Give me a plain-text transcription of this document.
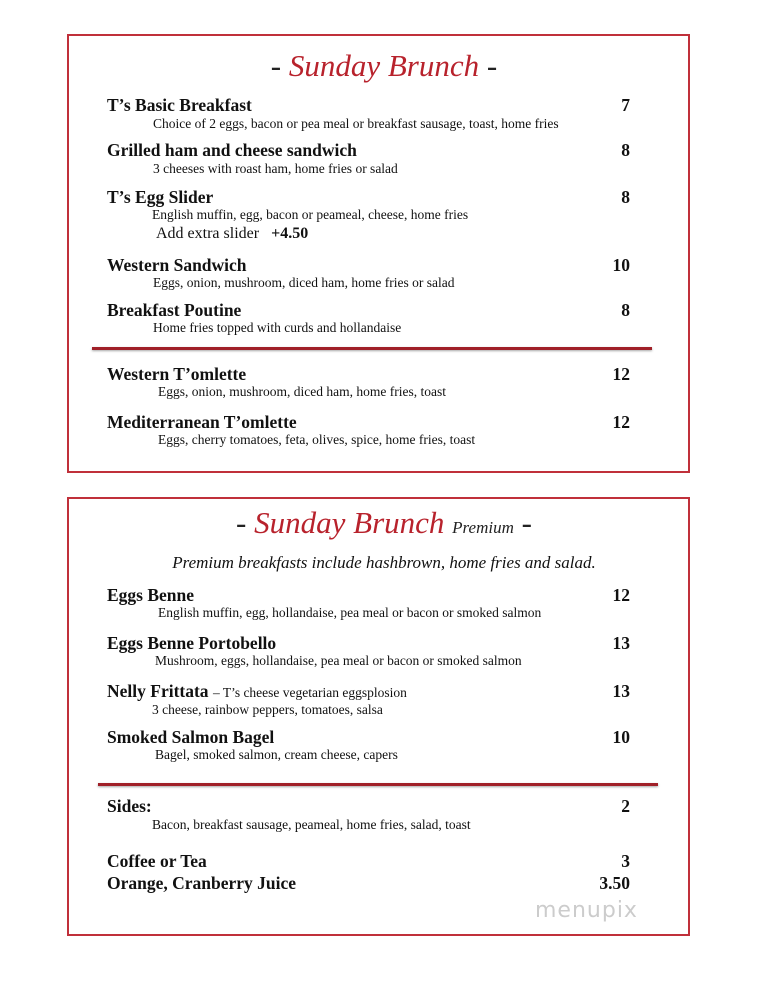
- Sunday Brunch -
T’s Basic Breakfast	7
Choice of 2 eggs, bacon or pea meal or breakfast sausage, toast, home fries
Grilled ham and cheese sandwich	8
3 cheeses with roast ham, home fries or salad
T’s Egg Slider	8
English muffin, egg, bacon or peameal, cheese, home fries
Add extra slider +4.50
Western Sandwich	10
Eggs, onion, mushroom, diced ham, home fries or salad
Breakfast Poutine	8
Home fries topped with curds and hollandaise
Western T’omlette	12
Eggs, onion, mushroom, diced ham, home fries, toast
Mediterranean T’omlette	12
Eggs, cherry tomatoes, feta, olives, spice, home fries, toast
- Sunday Brunch Premium -
Premium breakfasts include hashbrown, home fries and salad.
Eggs Benne	12
English muffin, egg, hollandaise, pea meal or bacon or smoked salmon
Eggs Benne Portobello	13
Mushroom, eggs, hollandaise, pea meal or bacon or smoked salmon
Nelly Frittata – T’s cheese vegetarian eggsplosion	13
3 cheese, rainbow peppers, tomatoes, salsa
Smoked Salmon Bagel	10
Bagel, smoked salmon, cream cheese, capers
Sides:	2
Bacon, breakfast sausage, peameal, home fries, salad, toast
Coffee or Tea	3
Orange, Cranberry Juice	3.50
menupix
